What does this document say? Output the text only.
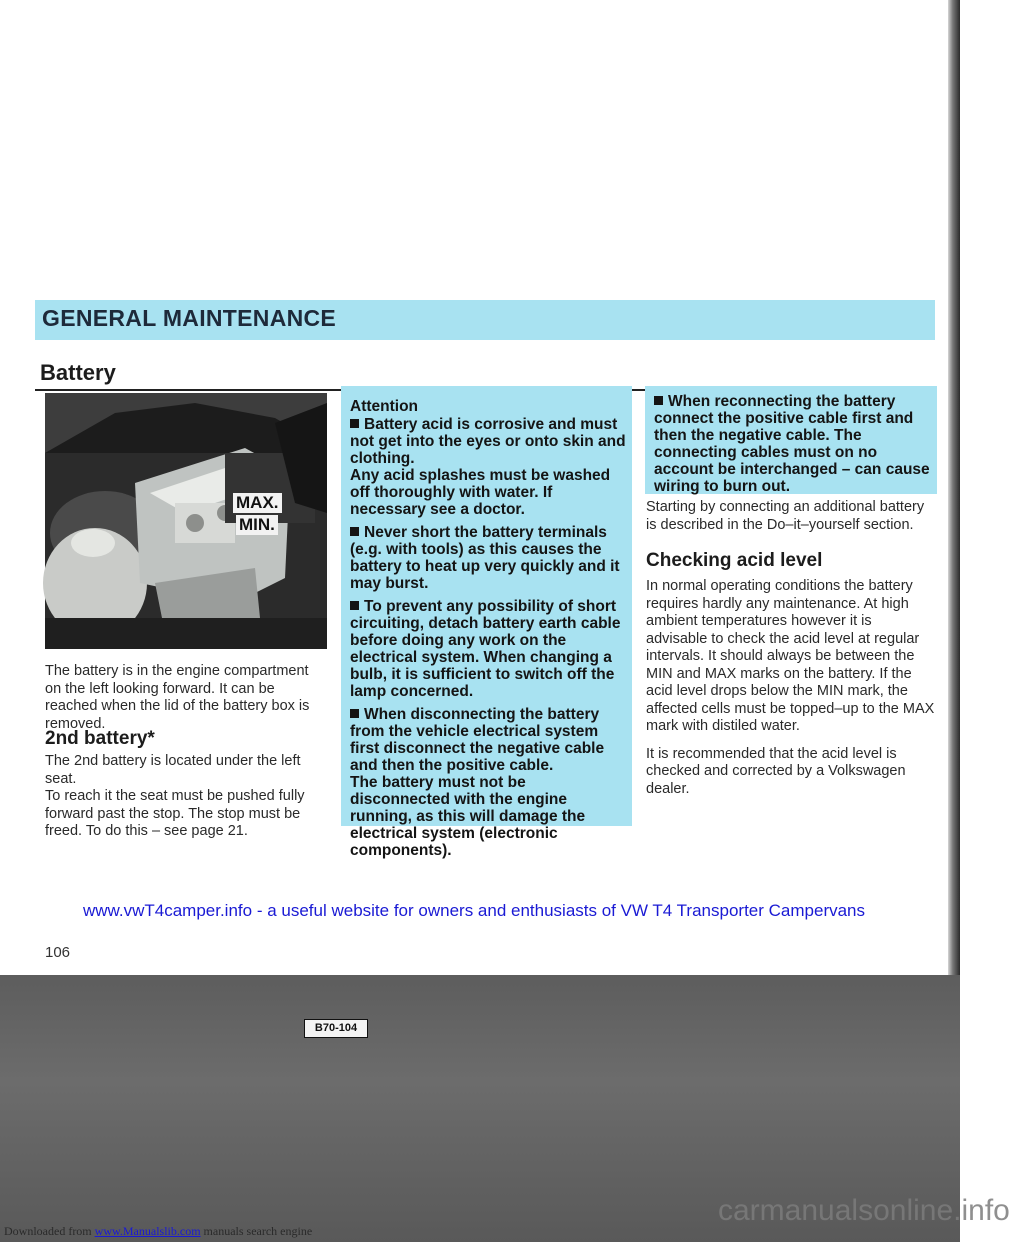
GENERAL MAINTENANCE
Battery
B70-104
MAX.
MIN.
The battery is in the engine compartment on the left looking forward. It can be reached when the lid of the battery box is removed.
2nd battery*

The 2nd battery is located under the left seat.

To reach it the seat must be pushed fully forward past the stop. The stop must be freed. To do this – see page 21.

Attention

Battery acid is corrosive and must not get into the eyes or onto skin and clothing.

Any acid splashes must be washed off thoroughly with water. If necessary see a doctor.

Never short the battery terminals (e.g. with tools) as this causes the battery to heat up very quickly and it may burst.

To prevent any possibility of short circuiting, detach battery earth cable before doing any work on the electrical system. When changing a bulb, it is sufficient to switch off the lamp concerned.

When disconnecting the battery from the vehicle electrical system first disconnect the negative cable and then the positive cable.

The battery must not be disconnected with the engine running, as this will damage the electrical system (electronic components).

When reconnecting the battery connect the positive cable first and then the negative cable. The connecting cables must on no account be interchanged – can cause wiring to burn out.

Starting by connecting an additional battery is described in the Do–it–yourself section.
Checking acid level

In normal operating conditions the battery requires hardly any maintenance. At high ambient temperatures however it is advisable to check the acid level at regular intervals. It should always be between the MIN and MAX marks on the battery. If the acid level drops below the MIN mark, the affected cells must be topped–up to the MAX mark with distiled water.

It is recommended that the acid level is checked and corrected by a Volkswagen dealer.

www.vwT4camper.info - a useful website for owners and enthusiasts of VW T4 Transporter Campervans
106
Downloaded from www.Manualslib.com manuals search engine
carmanualsonline.info
